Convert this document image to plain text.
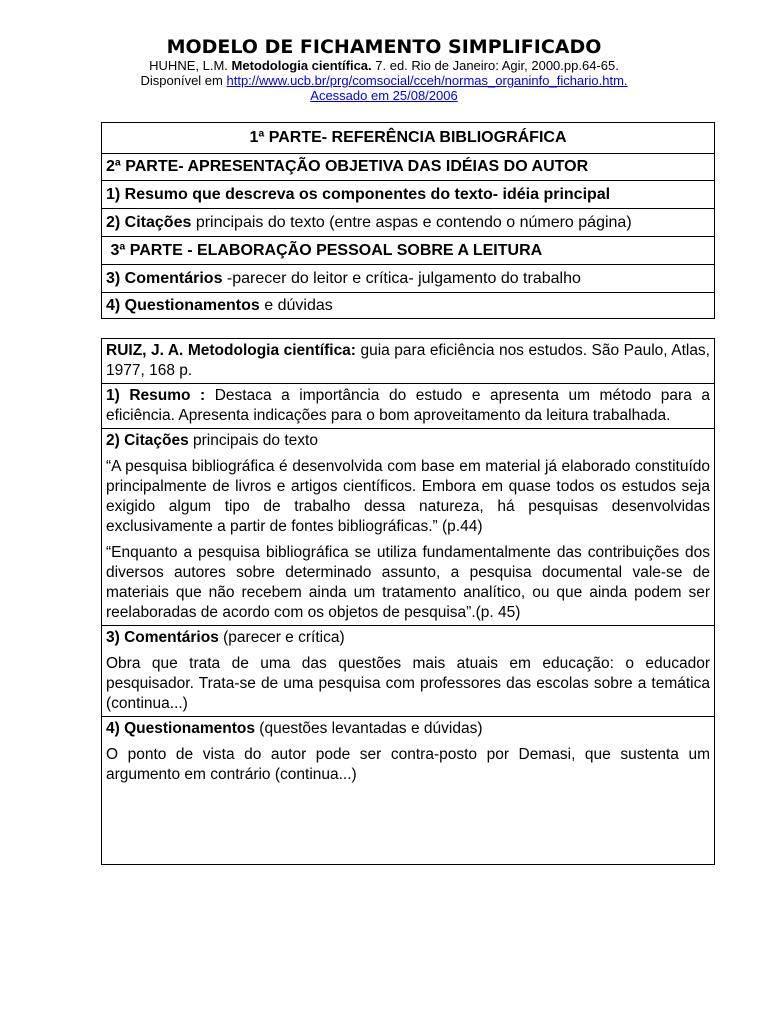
MODELO DE FICHAMENTO SIMPLIFICADO

HUHNE, L.M. Metodologia científica. 7. ed. Rio de Janeiro: Agir, 2000.pp.64-65.

Disponível em http://www.ucb.br/prg/comsocial/cceh/normas_organinfo_fichario.htm.

Acessado em 25/08/2006

1ª PARTE- REFERÊNCIA BIBLIOGRÁFICA
2ª PARTE- APRESENTAÇÃO OBJETIVA DAS IDÉIAS DO AUTOR
1) Resumo que descreva os componentes do texto- idéia principal
2) Citações principais do texto (entre aspas e contendo o número página)
3ª PARTE - ELABORAÇÃO PESSOAL SOBRE A LEITURA
3) Comentários -parecer do leitor e crítica- julgamento do trabalho
4) Questionamentos e dúvidas
RUIZ, J. A. Metodologia científica: guia para eficiência nos estudos. São Paulo, Atlas, 1977, 168 p.
1) Resumo : Destaca a importância do estudo e apresenta um método para a eficiência. Apresenta indicações para o bom aproveitamento da leitura trabalhada.
2) Citações principais do texto
“A pesquisa bibliográfica é desenvolvida com base em material já elaborado constituído principalmente de livros e artigos científicos. Embora em quase todos os estudos seja exigido algum tipo de trabalho dessa natureza, há pesquisas desenvolvidas exclusivamente a partir de fontes bibliográficas.” (p.44)
“Enquanto a pesquisa bibliográfica se utiliza fundamentalmente das contribuições dos diversos autores sobre determinado assunto, a pesquisa documental vale-se de materiais que não recebem ainda um tratamento analítico, ou que ainda podem ser reelaboradas de acordo com os objetos de pesquisa”.(p. 45)
3) Comentários (parecer e crítica)
Obra que trata de uma das questões mais atuais em educação: o educador pesquisador. Trata-se de uma pesquisa com professores das escolas sobre a temática (continua...)
4) Questionamentos (questões levantadas e dúvidas)
O ponto de vista do autor pode ser contra-posto por Demasi, que sustenta um argumento em contrário (continua...)
